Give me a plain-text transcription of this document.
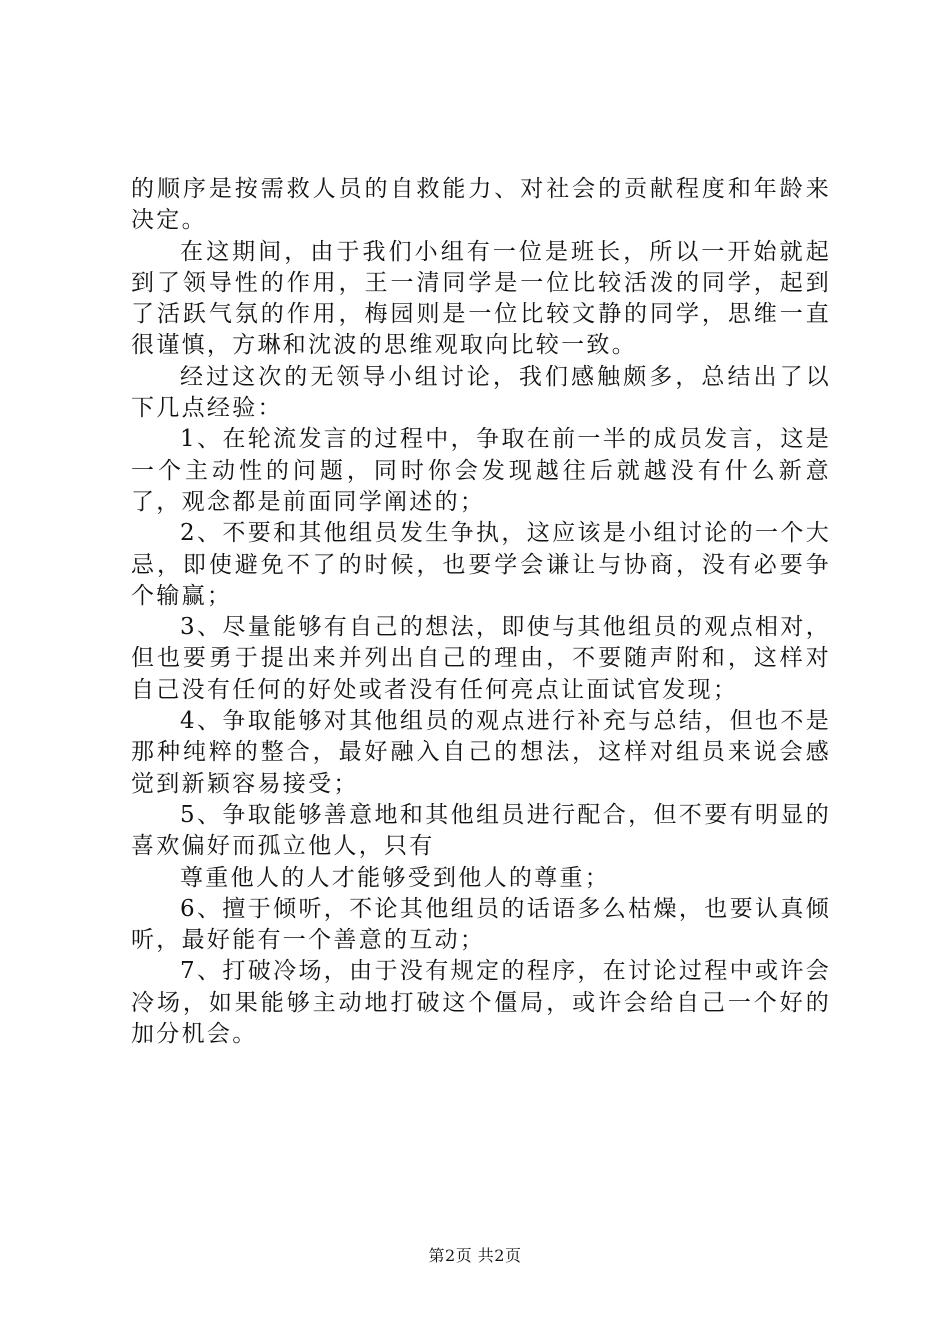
的顺序是按需救人员的自救能力、对社会的贡献程度和年龄来决定。

在这期间，由于我们小组有一位是班长，所以一开始就起到了领导性的作用，王一清同学是一位比较活泼的同学，起到了活跃气氛的作用，梅园则是一位比较文静的同学，思维一直很谨慎，方琳和沈波的思维观取向比较一致。

经过这次的无领导小组讨论，我们感触颇多，总结出了以下几点经验：

1、在轮流发言的过程中，争取在前一半的成员发言，这是一个主动性的问题，同时你会发现越往后就越没有什么新意了，观念都是前面同学阐述的；

2、不要和其他组员发生争执，这应该是小组讨论的一个大忌，即使避免不了的时候，也要学会谦让与协商，没有必要争个输赢；

3、尽量能够有自己的想法，即使与其他组员的观点相对，但也要勇于提出来并列出自己的理由，不要随声附和，这样对自己没有任何的好处或者没有任何亮点让面试官发现；

4、争取能够对其他组员的观点进行补充与总结，但也不是那种纯粹的整合，最好融入自己的想法，这样对组员来说会感觉到新颖容易接受；

5、争取能够善意地和其他组员进行配合，但不要有明显的喜欢偏好而孤立他人，只有

尊重他人的人才能够受到他人的尊重；

6、擅于倾听，不论其他组员的话语多么枯燥，也要认真倾听，最好能有一个善意的互动；

7、打破冷场，由于没有规定的程序，在讨论过程中或许会冷场，如果能够主动地打破这个僵局，或许会给自己一个好的加分机会。

第2页 共2页
